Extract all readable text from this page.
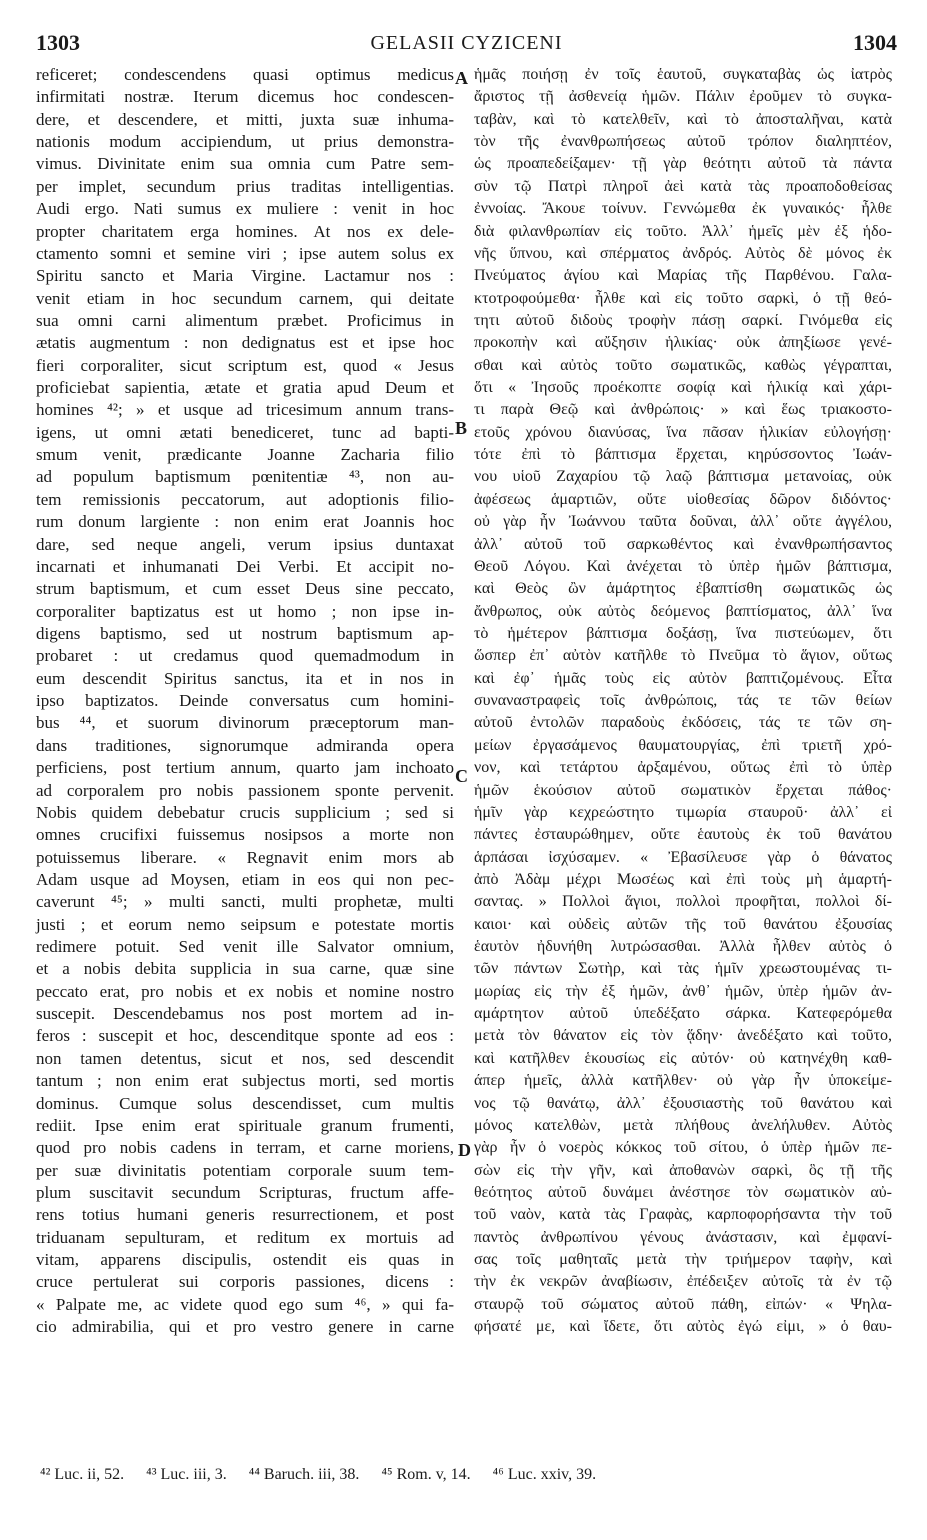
1303	GELASII CYZICENI	1304
reficeret; condescendens quasi optimus medicus
infirmitati nostræ. Iterum dicemus hoc condescen-
dere, et descendere, et mitti, juxta suæ inhuma-
nationis modum accipiendum, ut prius demonstra-
vimus. Divinitate enim sua omnia cum Patre sem-
per implet, secundum prius traditas intelligentias.
Audi ergo. Nati sumus ex muliere : venit in hoc
propter charitatem erga homines. At nos ex dele-
ctamento somni et semine viri ; ipse autem solus ex
Spiritu sancto et Maria Virgine. Lactamur nos :
venit etiam in hoc secundum carnem, qui deitate
sua omni carni alimentum præbet. Proficimus in
ætatis augmentum : non dedignatus est et ipse hoc
fieri corporaliter, sicut scriptum est, quod « Jesus
proficiebat sapientia, ætate et gratia apud Deum et
homines ⁴²; » et usque ad tricesimum annum trans-
igens, ut omni ætati benediceret, tunc ad bapti-
smum venit, prædicante Joanne Zacharia filio
ad populum baptismum pœnitentiæ ⁴³, non au-
tem remissionis peccatorum, aut adoptionis filio-
rum donum largiente : non enim erat Joannis hoc
dare, sed neque angeli, verum ipsius duntaxat
incarnati et inhumanati Dei Verbi. Et accipit no-
strum baptismum, et cum esset Deus sine peccato,
corporaliter baptizatus est ut homo ; non ipse in-
digens baptismo, sed ut nostrum baptismum ap-
probaret : ut credamus quod quemadmodum in
eum descendit Spiritus sanctus, ita et in nos in
ipso baptizatos. Deinde conversatus cum homini-
bus ⁴⁴, et suorum divinorum præceptorum man-
dans traditiones, signorumque admiranda opera
perficiens, post tertium annum, quarto jam inchoato
ad corporalem pro nobis passionem sponte pervenit.
Nobis quidem debebatur crucis supplicium ; sed si
omnes crucifixi fuissemus nosipsos a morte non
potuissemus liberare. « Regnavit enim mors ab
Adam usque ad Moysen, etiam in eos qui non pec-
caverunt ⁴⁵; » multi sancti, multi prophetæ, multi
justi ; et eorum nemo seipsum e potestate mortis
redimere potuit. Sed venit ille Salvator omnium,
et a nobis debita supplicia in sua carne, quæ sine
peccato erat, pro nobis et ex nobis et nomine nostro
suscepit. Descendebamus nos post mortem ad in-
feros : suscepit et hoc, descenditque sponte ad eos :
non tamen detentus, sicut et nos, sed descendit
tantum ; non enim erat subjectus morti, sed mortis
dominus. Cumque solus descendisset, cum multis
rediit. Ipse enim erat spirituale granum frumenti,
quod pro nobis cadens in terram, et carne moriens,
per suæ divinitatis potentiam corporale suum tem-
plum suscitavit secundum Scripturas, fructum affe-
rens totius humani generis resurrectionem, et post
triduanam sepulturam, et reditum ex mortuis ad
vitam, apparens discipulis, ostendit eis quas in
cruce pertulerat sui corporis passiones, dicens :
« Palpate me, ac videte quod ego sum ⁴⁶, » qui fa-
cio admirabilia, qui et pro vestro genere in carne
ἡμᾶς ποιήσῃ ἐν τοῖς ἑαυτοῦ, συγκαταβὰς ὡς ἰατρὸς
ἄριστος τῇ ἀσθενείᾳ ἡμῶν. Πάλιν ἐροῦμεν τὸ συγκα-
ταβὰν, καὶ τὸ κατελθεῖν, καὶ τὸ ἀποσταλῆναι, κατὰ
τὸν τῆς ἐνανθρωπήσεως αὐτοῦ τρόπον διαληπτέον,
ὡς προαπεδείξαμεν· τῇ γὰρ θεότητι αὐτοῦ τὰ πάντα
σὺν τῷ Πατρὶ πληροῖ ἀεὶ κατὰ τὰς προαποδοθείσας
ἐννοίας. Ἄκουε τοίνυν. Γεννώμεθα ἐκ γυναικός· ἦλθε
διὰ φιλανθρωπίαν εἰς τοῦτο. Ἀλλ᾽ ἡμεῖς μὲν ἐξ ἡδο-
νῆς ὕπνου, καὶ σπέρματος ἀνδρός. Αὐτὸς δὲ μόνος ἐκ
Πνεύματος ἁγίου καὶ Μαρίας τῆς Παρθένου. Γαλα-
κτοτροφούμεθα· ἦλθε καὶ εἰς τοῦτο σαρκὶ, ὁ τῇ θεό-
τητι αὐτοῦ διδοὺς τροφὴν πάσῃ σαρκί. Γινόμεθα εἰς
προκοπὴν καὶ αὔξησιν ἡλικίας· οὐκ ἀπηξίωσε γενέ-
σθαι καὶ αὐτὸς τοῦτο σωματικῶς, καθὼς γέγραπται,
ὅτι « Ἰησοῦς προέκοπτε σοφίᾳ καὶ ἡλικίᾳ καὶ χάρι-
τι παρὰ Θεῷ καὶ ἀνθρώποις· » καὶ ἕως τριακοστο-
ετοῦς χρόνου διανύσας, ἵνα πᾶσαν ἡλικίαν εὐλογήσῃ·
τότε ἐπὶ τὸ βάπτισμα ἔρχεται, κηρύσσοντος Ἰωάν-
νου υἱοῦ Ζαχαρίου τῷ λαῷ βάπτισμα μετανοίας, οὐκ
ἀφέσεως ἁμαρτιῶν, οὔτε υἱοθεσίας δῶρον διδόντος·
οὐ γὰρ ἦν Ἰωάννου ταῦτα δοῦναι, ἀλλ᾽ οὔτε ἀγγέλου,
ἀλλ᾽ αὐτοῦ τοῦ σαρκωθέντος καὶ ἐνανθρωπήσαντος
Θεοῦ Λόγου. Καὶ ἀνέχεται τὸ ὑπὲρ ἡμῶν βάπτισμα,
καὶ Θεὸς ὢν ἁμάρτητος ἐβαπτίσθη σωματικῶς ὡς
ἄνθρωπος, οὐκ αὐτὸς δεόμενος βαπτίσματος, ἀλλ᾽ ἵνα
τὸ ἡμέτερον βάπτισμα δοξάσῃ, ἵνα πιστεύωμεν, ὅτι
ὥσπερ ἐπ᾽ αὐτὸν κατῆλθε τὸ Πνεῦμα τὸ ἅγιον, οὕτως
καὶ ἐφ᾽ ἡμᾶς τοὺς εἰς αὐτὸν βαπτιζομένους. Εἶτα
συναναστραφεὶς τοῖς ἀνθρώποις, τάς τε τῶν θείων
αὐτοῦ ἐντολῶν παραδοὺς ἐκδόσεις, τάς τε τῶν ση-
μείων ἐργασάμενος θαυματουργίας, ἐπὶ τριετῆ χρό-
νον, καὶ τετάρτου ἀρξαμένου, οὕτως ἐπὶ τὸ ὑπὲρ
ἡμῶν ἑκούσιον αὐτοῦ σωματικὸν ἔρχεται πάθος·
ἡμῖν γὰρ κεχρεώστητο τιμωρία σταυροῦ· ἀλλ᾽ εἰ
πάντες ἐσταυρώθημεν, οὔτε ἑαυτοὺς ἐκ τοῦ θανάτου
ἁρπάσαι ἰσχύσαμεν. « Ἐβασίλευσε γὰρ ὁ θάνατος
ἀπὸ Ἀδὰμ μέχρι Μωσέως καὶ ἐπὶ τοὺς μὴ ἁμαρτή-
σαντας. » Πολλοὶ ἅγιοι, πολλοὶ προφῆται, πολλοὶ δί-
καιοι· καὶ οὐδεὶς αὐτῶν τῆς τοῦ θανάτου ἐξουσίας
ἑαυτὸν ἠδυνήθη λυτρώσασθαι. Ἀλλὰ ἦλθεν αὐτὸς ὁ
τῶν πάντων Σωτὴρ, καὶ τὰς ἡμῖν χρεωστουμένας τι-
μωρίας εἰς τὴν ἐξ ἡμῶν, ἀνθ᾽ ἡμῶν, ὑπὲρ ἡμῶν ἀν-
αμάρτητον αὐτοῦ ὑπεδέξατο σάρκα. Κατεφερόμεθα
μετὰ τὸν θάνατον εἰς τὸν ᾅδην· ἀνεδέξατο καὶ τοῦτο,
καὶ κατῆλθεν ἑκουσίως εἰς αὐτόν· οὐ κατηνέχθη καθ-
άπερ ἡμεῖς, ἀλλὰ κατῆλθεν· οὐ γὰρ ἦν ὑποκείμε-
νος τῷ θανάτῳ, ἀλλ᾽ ἐξουσιαστὴς τοῦ θανάτου καὶ
μόνος κατελθὼν, μετὰ πλήθους ἀνελήλυθεν. Αὐτὸς
γὰρ ἦν ὁ νοερὸς κόκκος τοῦ σίτου, ὁ ὑπὲρ ἡμῶν πε-
σὼν εἰς τὴν γῆν, καὶ ἀποθανὼν σαρκὶ, ὃς τῇ τῆς
θεότητος αὐτοῦ δυνάμει ἀνέστησε τὸν σωματικὸν αὐ-
τοῦ ναὸν, κατὰ τὰς Γραφὰς, καρποφορήσαντα τὴν τοῦ
παντὸς ἀνθρωπίνου γένους ἀνάστασιν, καὶ ἐμφανί-
σας τοῖς μαθηταῖς μετὰ τὴν τριήμερον ταφὴν, καὶ
τὴν ἐκ νεκρῶν ἀναβίωσιν, ἐπέδειξεν αὐτοῖς τὰ ἐν τῷ
σταυρῷ τοῦ σώματος αὐτοῦ πάθη, εἰπών· « Ψηλα-
φήσατέ με, καὶ ἴδετε, ὅτι αὐτὸς ἐγώ εἰμι, » ὁ θαυ-
A
B
C
D
⁴² Luc. ii, 52. ⁴³ Luc. iii, 3. ⁴⁴ Baruch. iii, 38. ⁴⁵ Rom. v, 14. ⁴⁶ Luc. xxiv, 39.
